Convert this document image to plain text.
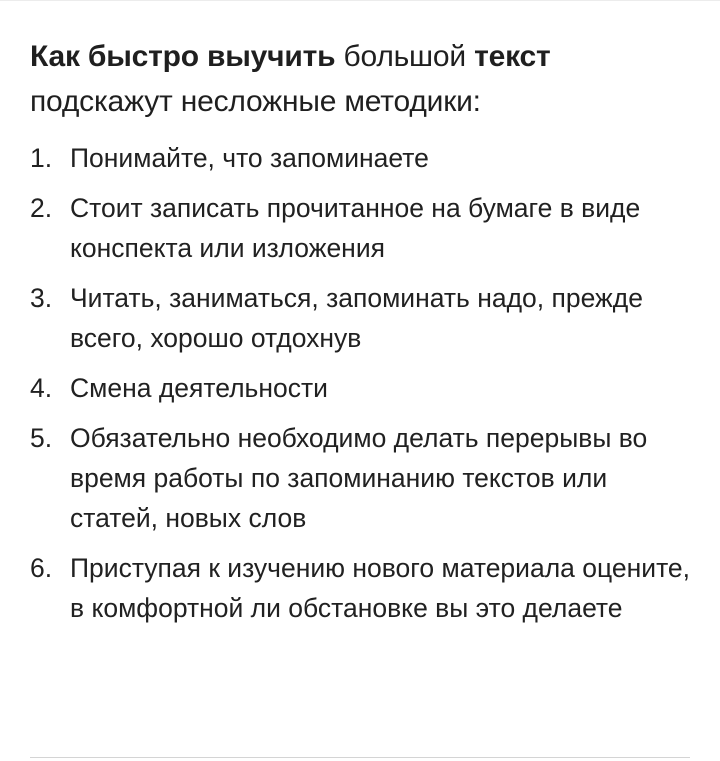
Как быстро выучить большой текст
подскажут несложные методики:
1. Понимайте, что запоминаете
2. Стоит записать прочитанное на бумаге в виде конспекта или изложения
3. Читать, заниматься, запоминать надо, прежде всего, хорошо отдохнув
4. Смена деятельности
5. Обязательно необходимо делать перерывы во время работы по запоминанию текстов или статей, новых слов
6. Приступая к изучению нового материала оцените, в комфортной ли обстановке вы это делаете
